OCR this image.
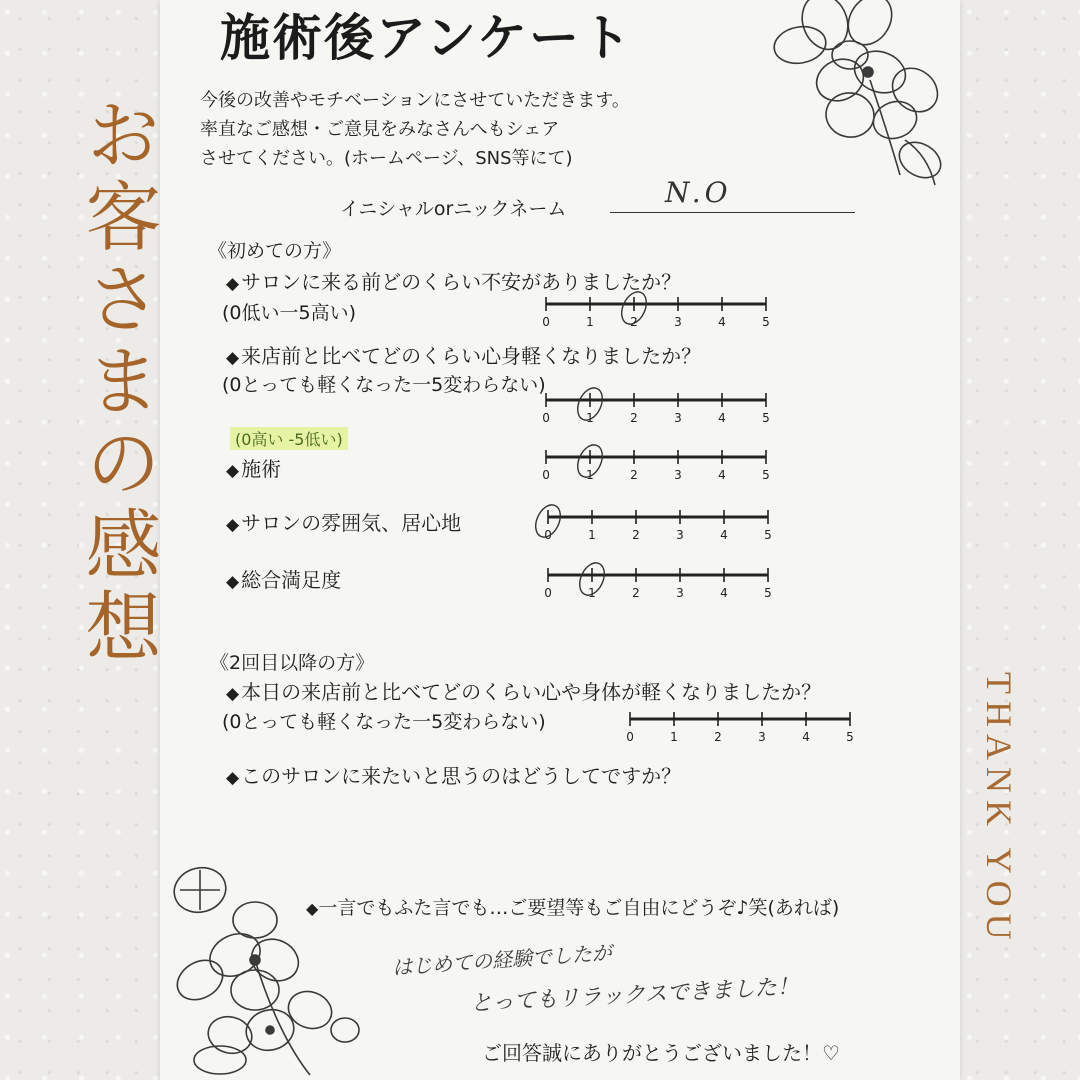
施術後アンケート
今後の改善やモチベーションにさせていただきます。
率直なご感想・ご意見をみなさんへもシェア
させてください。(ホームページ、SNS等にて)
イニシャルorニックネーム	N.O
《初めての方》
◆ サロンに来る前どのくらい不安がありましたか？
(0低い一5高い)
◆ 来店前と比べてどのくらい心身軽くなりましたか？
(0とっても軽くなった一5変わらない)
(0高い -5低い)
◆ 施術
◆ サロンの雰囲気、居心地
◆ 総合満足度
0	1	2	3	4	5
0	1	2	3	4	5
0	1	2	3	4	5
0	1	2	3	4	5
0	1	2	3	4	5
《2回目以降の方》
◆ 本日の来店前と比べてどのくらい心や身体が軽くなりましたか？
(0とっても軽くなった一5変わらない)
0	1	2	3	4	5
◆ このサロンに来たいと思うのはどうしてですか？
◆一言でもふた言でも…ご要望等もご自由にどうぞ♪笑(あれば)
はじめての経験でしたが
とってもリラックスできました！
ご回答誠にありがとうございました！♡
お客さまの感想
THANK YOU
